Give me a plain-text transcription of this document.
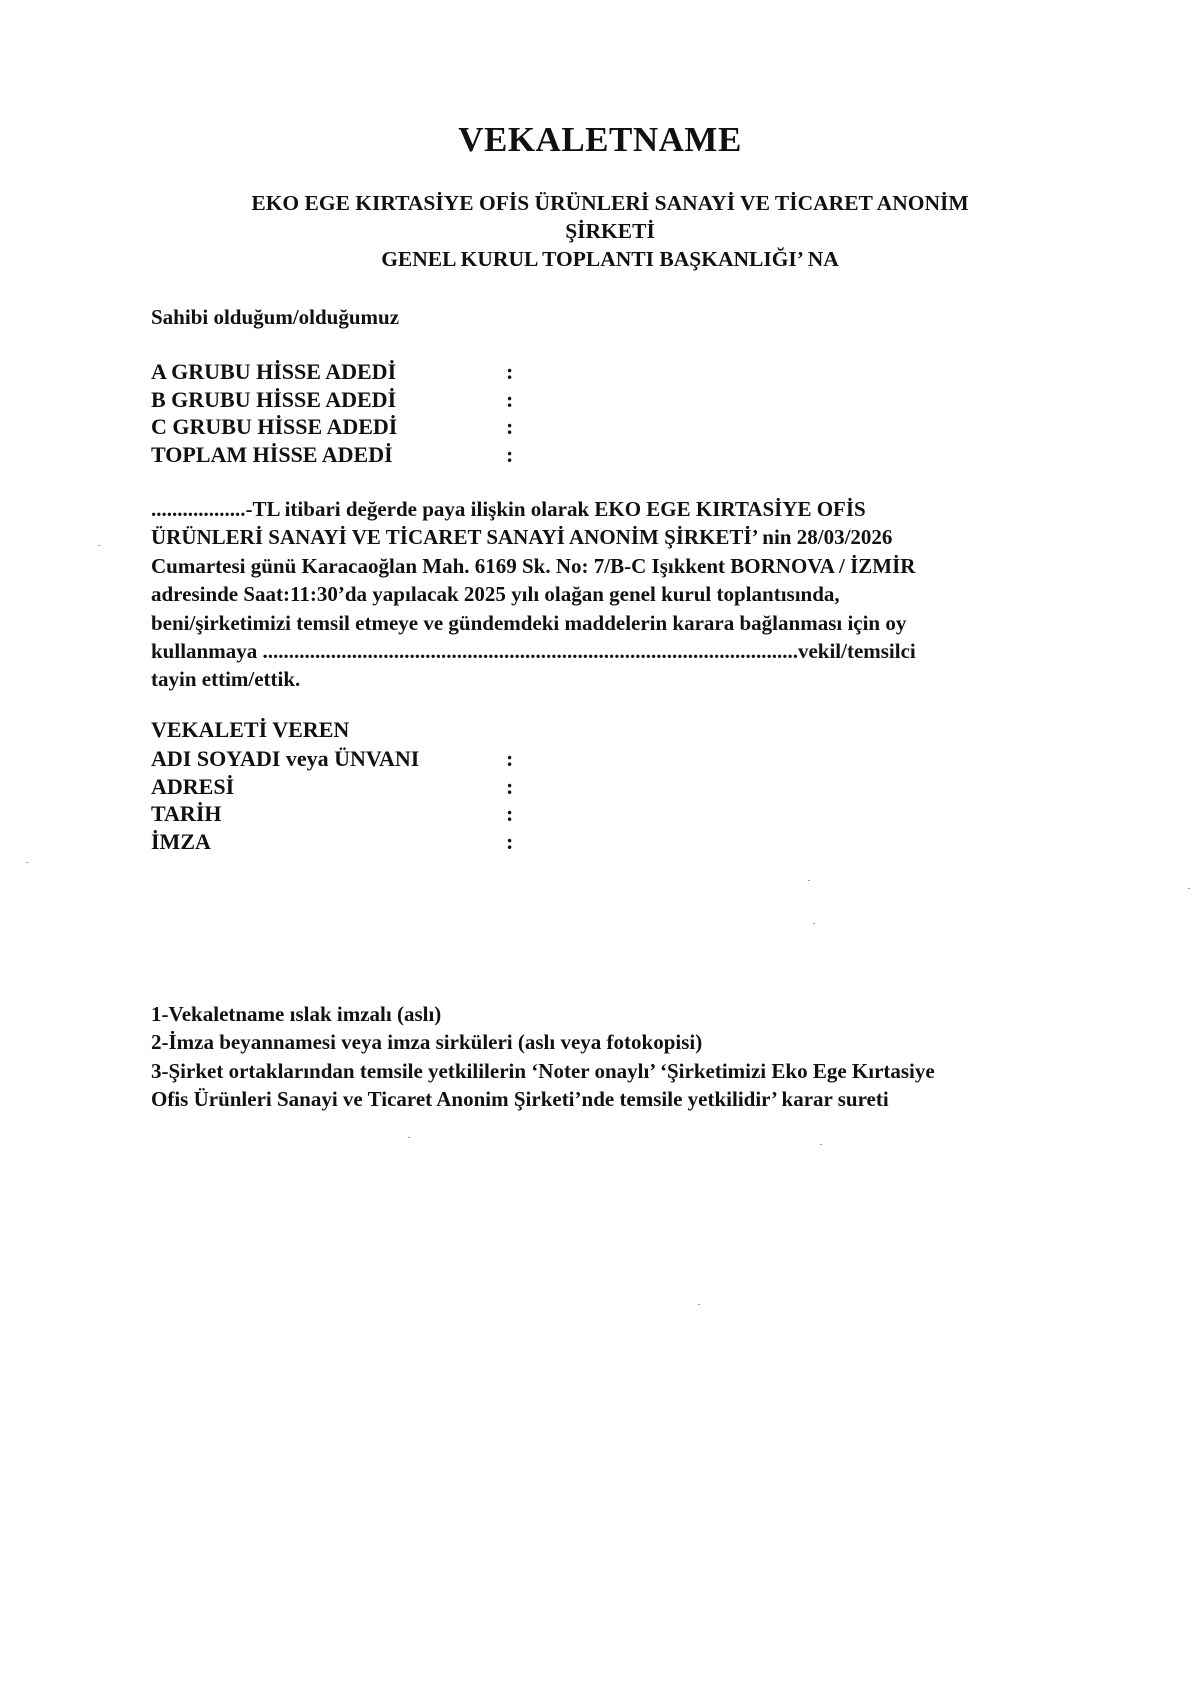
VEKALETNAME
EKO EGE KIRTASİYE OFİS ÜRÜNLERİ SANAYİ VE TİCARET ANONİM
ŞİRKETİ
GENEL KURUL TOPLANTI BAŞKANLIĞI’ NA
Sahibi olduğum/olduğumuz
A GRUBU HİSSE ADEDİ	:
B GRUBU HİSSE ADEDİ	:
C GRUBU HİSSE ADEDİ	:
TOPLAM HİSSE ADEDİ	:
..................-TL itibari değerde paya ilişkin olarak EKO EGE KIRTASİYE OFİS
ÜRÜNLERİ SANAYİ VE TİCARET SANAYİ ANONİM ŞİRKETİ’ nin 28/03/2026
Cumartesi günü Karacaoğlan Mah. 6169 Sk. No: 7/B-C Işıkkent BORNOVA / İZMİR
adresinde Saat:11:30’da yapılacak 2025 yılı olağan genel kurul toplantısında,
beni/şirketimizi temsil etmeye ve gündemdeki maddelerin karara bağlanması için oy
kullanmaya ......................................................................................................vekil/temsilci
tayin ettim/ettik.
VEKALETİ VEREN
ADI SOYADI veya ÜNVANI	:
ADRESİ	:
TARİH	:
İMZA	:
1-Vekaletname ıslak imzalı (aslı)
2-İmza beyannamesi veya imza sirküleri (aslı veya fotokopisi)
3-Şirket ortaklarından temsile yetkililerin ‘Noter onaylı’ ‘Şirketimizi Eko Ege Kırtasiye
Ofis Ürünleri Sanayi ve Ticaret Anonim Şirketi’nde temsile yetkilidir’ karar sureti
